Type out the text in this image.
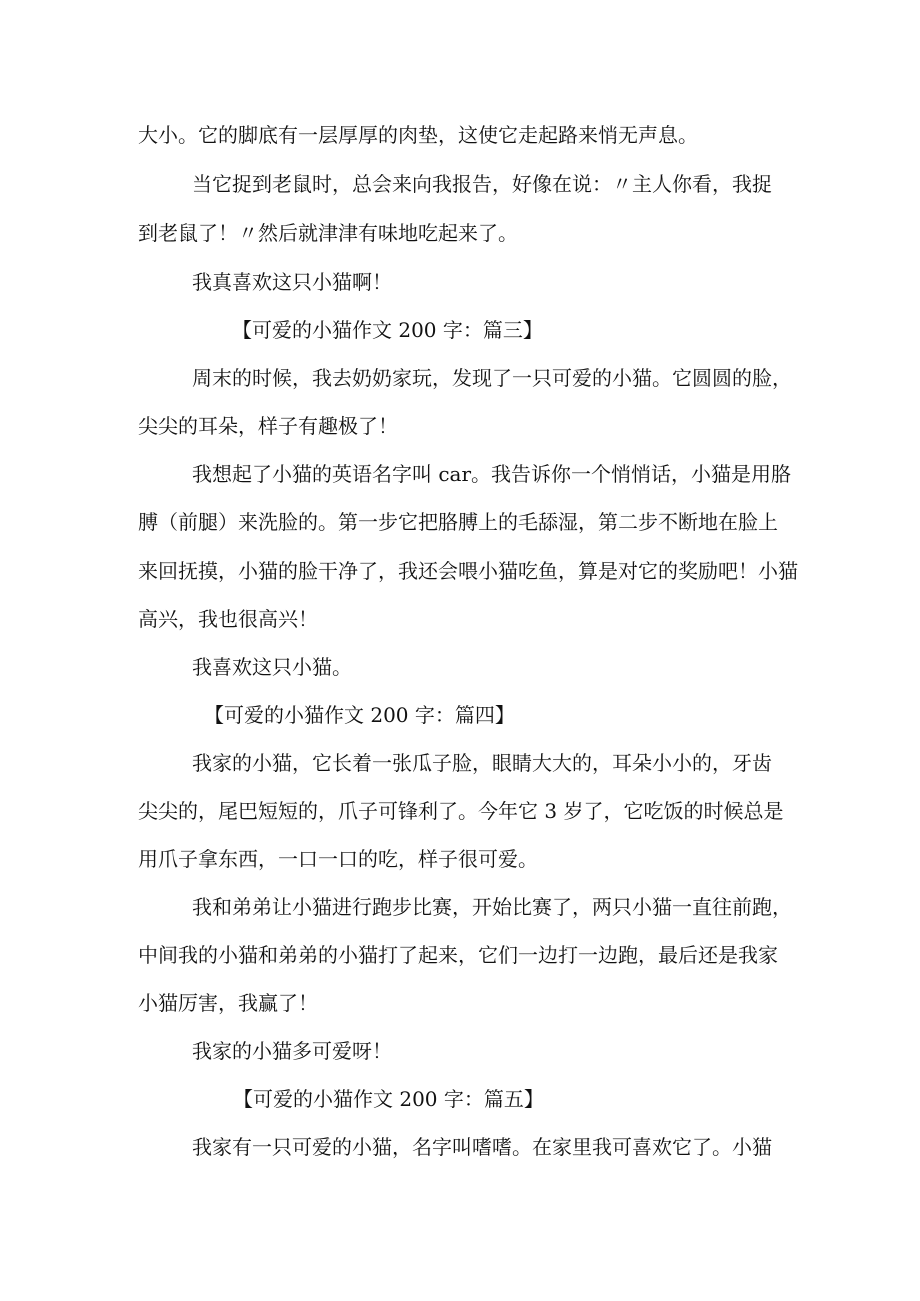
大小。它的脚底有一层厚厚的肉垫，这使它走起路来悄无声息。
当它捉到老鼠时，总会来向我报告，好像在说：〃主人你看，我捉
到老鼠了！〃然后就津津有味地吃起来了。
我真喜欢这只小猫啊！
【可爱的小猫作文 200 字：篇三】
周末的时候，我去奶奶家玩，发现了一只可爱的小猫。它圆圆的脸，
尖尖的耳朵，样子有趣极了！
我想起了小猫的英语名字叫 car。我告诉你一个悄悄话，小猫是用胳
膊（前腿）来洗脸的。第一步它把胳膊上的毛舔湿，第二步不断地在脸上
来回抚摸，小猫的脸干净了，我还会喂小猫吃鱼，算是对它的奖励吧！小猫
高兴，我也很高兴！
我喜欢这只小猫。
【可爱的小猫作文 200 字：篇四】
我家的小猫，它长着一张瓜子脸，眼睛大大的，耳朵小小的，牙齿
尖尖的，尾巴短短的，爪子可锋利了。今年它 3 岁了，它吃饭的时候总是
用爪子拿东西，一口一口的吃，样子很可爱。
我和弟弟让小猫进行跑步比赛，开始比赛了，两只小猫一直往前跑，
中间我的小猫和弟弟的小猫打了起来，它们一边打一边跑，最后还是我家
小猫厉害，我赢了！
我家的小猫多可爱呀！
【可爱的小猫作文 200 字：篇五】
我家有一只可爱的小猫，名字叫嗜嗜。在家里我可喜欢它了。小猫
